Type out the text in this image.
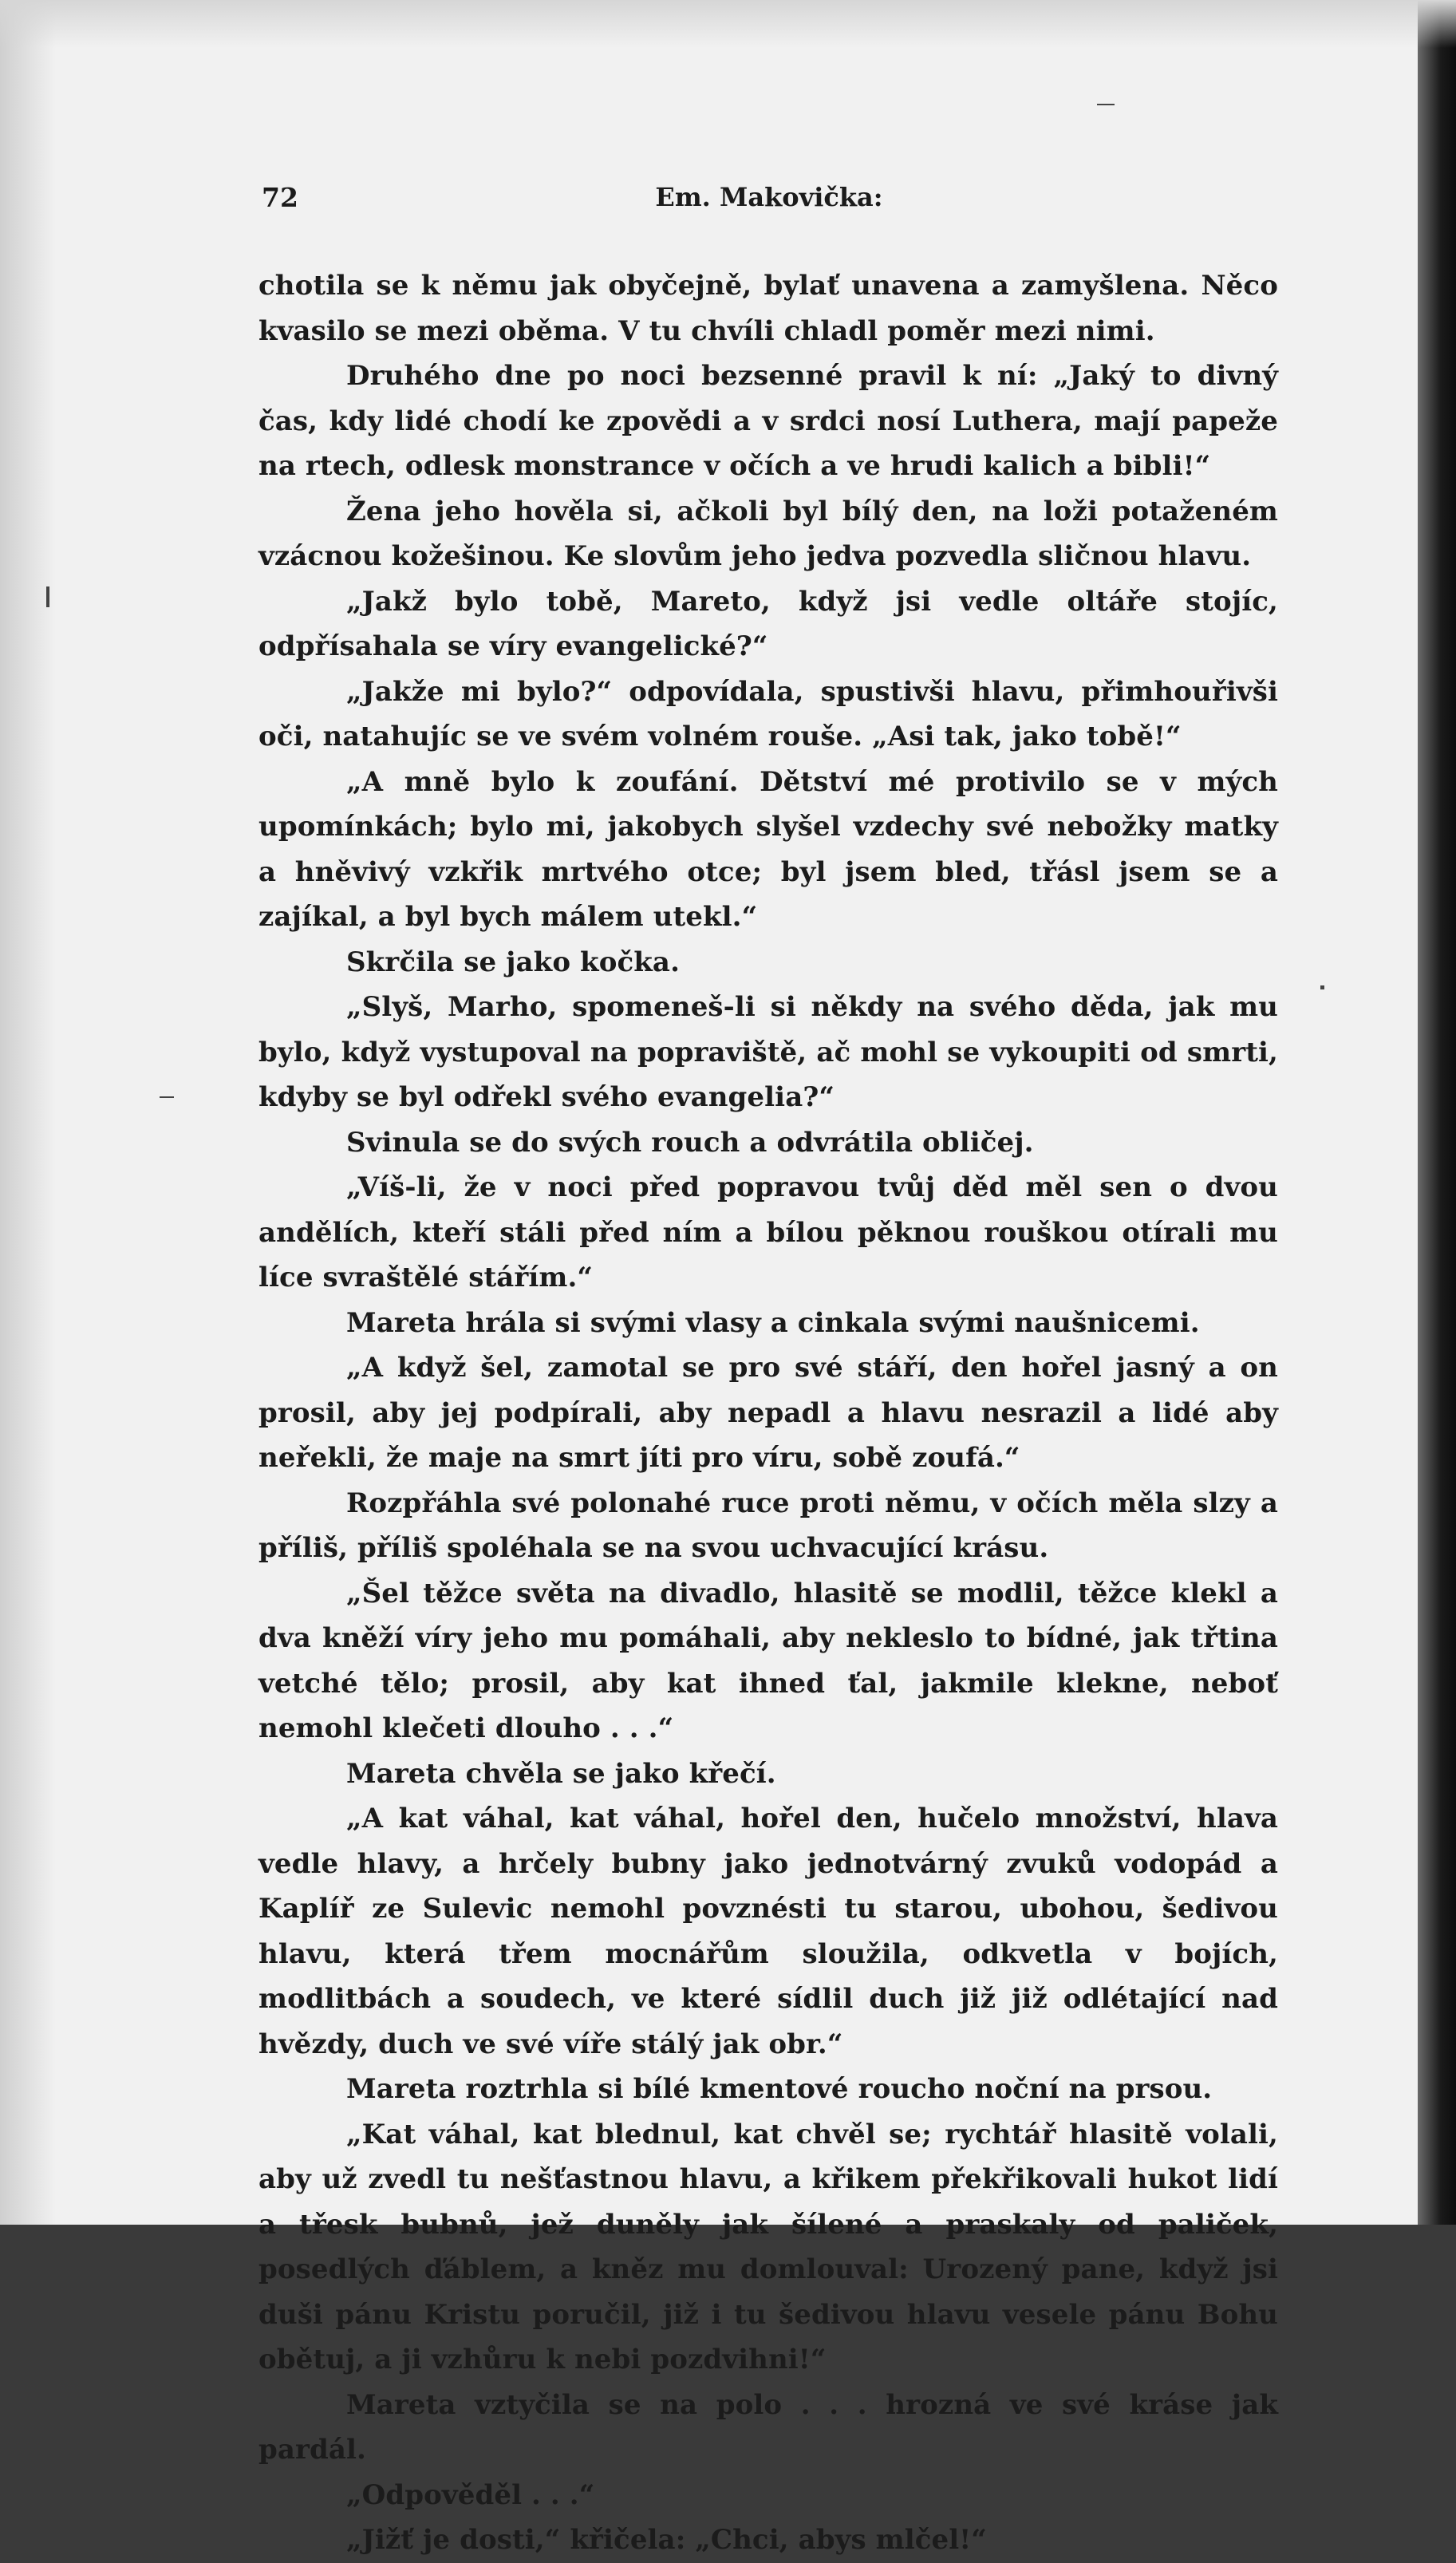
72	Em. Makovička:

chotila se k němu jak obyčejně, bylať unavena a zamyšlena. Něco kvasilo se mezi oběma. V tu chvíli chladl poměr mezi nimi.

Druhého dne po noci bezsenné pravil k ní: „Jaký to divný čas, kdy lidé chodí ke zpovědi a v srdci nosí Luthera, mají papeže na rtech, odlesk monstrance v očích a ve hrudi kalich a bibli!“

Žena jeho hověla si, ačkoli byl bílý den, na loži potaženém vzácnou kožešinou. Ke slovům jeho jedva pozvedla sličnou hlavu.

„Jakž bylo tobě, Mareto, když jsi vedle oltáře stojíc, odpřísahala se víry evangelické?“

„Jakže mi bylo?“ odpovídala, spustivši hlavu, přimhouřivši oči, natahujíc se ve svém volném rouše. „Asi tak, jako tobě!“

„A mně bylo k zoufání. Dětství mé protivilo se v mých upomínkách; bylo mi, jakobych slyšel vzdechy své nebožky matky a hněvivý vzkřik mrtvého otce; byl jsem bled, třásl jsem se a zajíkal, a byl bych málem utekl.“

Skrčila se jako kočka.

„Slyš, Marho, spomeneš-li si někdy na svého děda, jak mu bylo, když vystupoval na popraviště, ač mohl se vykoupiti od smrti, kdyby se byl odřekl svého evangelia?“

Svinula se do svých rouch a odvrátila obličej.

„Víš-li, že v noci před popravou tvůj děd měl sen o dvou andělích, kteří stáli před ním a bílou pěknou rouškou otírali mu líce svraštělé stářím.“

Mareta hrála si svými vlasy a cinkala svými naušnicemi.

„A když šel, zamotal se pro své stáří, den hořel jasný a on prosil, aby jej podpírali, aby nepadl a hlavu nesrazil a lidé aby neřekli, že maje na smrt jíti pro víru, sobě zoufá.“

Rozpřáhla své polonahé ruce proti němu, v očích měla slzy a příliš, příliš spoléhala se na svou uchvacující krásu.

„Šel těžce světa na divadlo, hlasitě se modlil, těžce klekl a dva kněží víry jeho mu pomáhali, aby nekleslo to bídné, jak třtina vetché tělo; prosil, aby kat ihned ťal, jakmile klekne, neboť nemohl klečeti dlouho . . .“

Mareta chvěla se jako křečí.

„A kat váhal, kat váhal, hořel den, hučelo množství, hlava vedle hlavy, a hrčely bubny jako jednotvárný zvuků vodopád a Kaplíř ze Sulevic nemohl povznésti tu starou, ubohou, šedivou hlavu, která třem mocnářům sloužila, odkvetla v bojích, modlitbách a soudech, ve které sídlil duch již již odlétající nad hvězdy, duch ve své víře stálý jak obr.“

Mareta roztrhla si bílé kmentové roucho noční na prsou.

„Kat váhal, kat blednul, kat chvěl se; rychtář hlasitě volali, aby už zvedl tu nešťastnou hlavu, a křikem překřikovali hukot lidí a třesk bubnů, jež duněly jak šílené a praskaly od paliček, posedlých ďáblem, a kněz mu domlouval: Urozený pane, když jsi duši pánu Kristu poručil, již i tu šedivou hlavu vesele pánu Bohu obětuj, a ji vzhůru k nebi pozdvihni!“

Mareta vztyčila se na polo . . . hrozná ve své kráse jak pardál.

„Odpověděl . . .“

„Jižť je dosti,“ křičela: „Chci, abys mlčel!“
